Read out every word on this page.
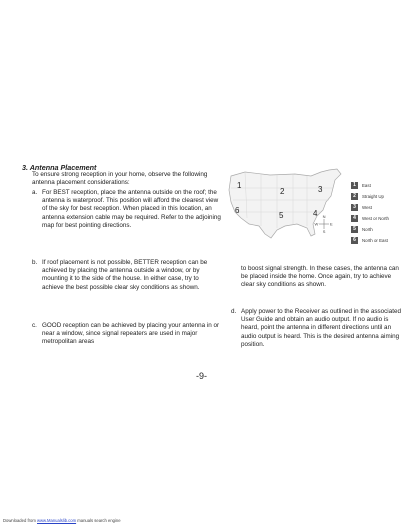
3. Antenna Placement
To ensure strong reception in your home, observe the following antenna placement considerations:
a. For BEST reception, place the antenna outside on the roof; the antenna is waterproof. This position will afford the clearest view of the sky for best reception. When placed in this location, an antenna extension cable may be required. Refer to the adjoining map for best pointing directions.
b. If roof placement is not possible, BETTER reception can be achieved by placing the antenna outside a window, or by mounting it to the side of the house. In either case, try to achieve the best possible clear sky conditions as shown.
c. GOOD reception can be achieved by placing your antenna in or near a window, since signal repeaters are used in major metropolitan areas
to boost signal strength. In these cases, the antenna can be placed inside the home. Once again, try to achieve clear sky conditions as shown.
d. Apply power to the Receiver as outlined in the associated User Guide and obtain an audio output. If no audio is heard, point the antenna in different directions until an audio output is heard. This is the desired antenna aiming position.
1
2	3
4
5
6
N
W	E
S
1	East
2	Straight Up
3	West
4	West or North
5	North
6	North or East
-9-
Downloaded from www.Manualslib.com manuals search engine
